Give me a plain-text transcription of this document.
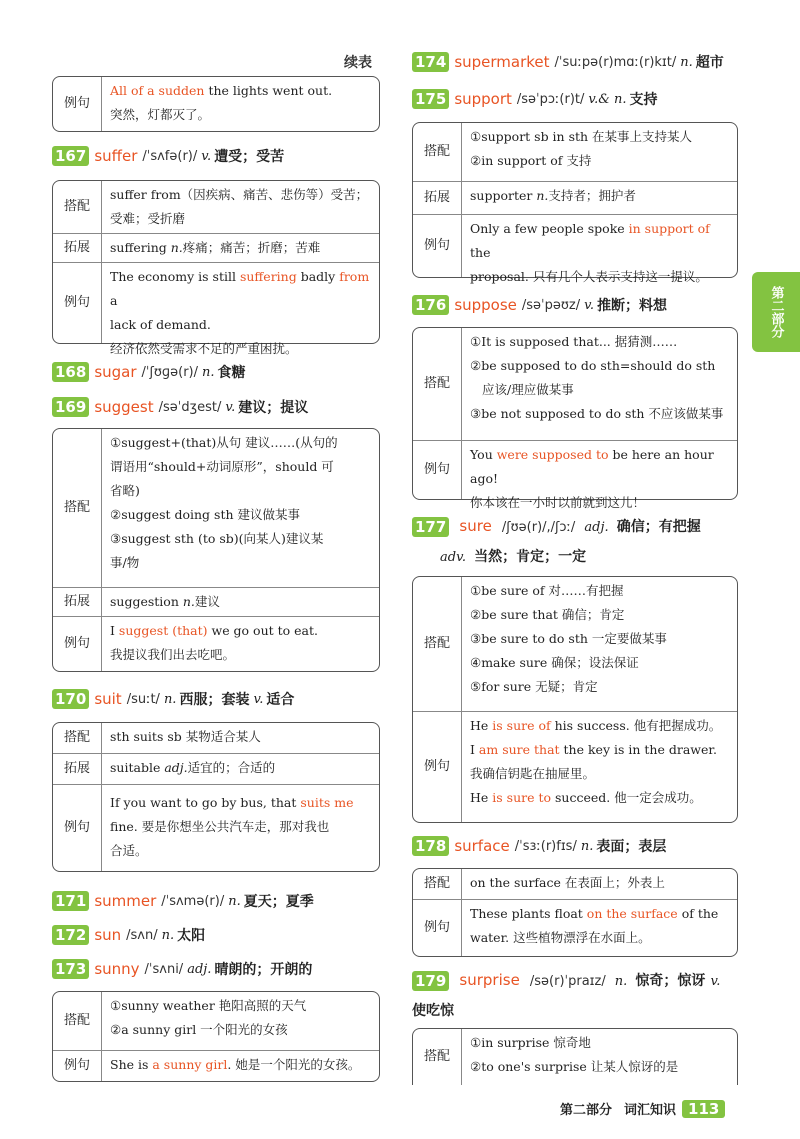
续表
例句
All of a sudden the lights went out.
突然，灯都灭了。
167 suffer /ˈsʌfə(r)/ v. 遭受；受苦
搭配
suffer from（因疾病、痛苦、悲伤等）受苦；
受难；受折磨
拓展	suffering n.疼痛；痛苦；折磨；苦难
例句
The economy is still suffering badly from a
lack of demand.
经济依然受需求不足的严重困扰。
168 sugar /ˈʃʊɡə(r)/ n. 食糖
169 suggest /səˈdʒest/ v. 建议；提议
搭配
①suggest+(that)从句 建议……(从句的
谓语用“should+动词原形”，should 可
省略)
②suggest doing sth 建议做某事
③suggest sth (to sb)(向某人)建议某
事/物
拓展	suggestion n.建议
例句
I suggest (that) we go out to eat.
我提议我们出去吃吧。
170 suit /suːt/ n. 西服；套装 v. 适合
搭配	sth suits sb 某物适合某人
拓展	suitable adj.适宜的；合适的
例句
If you want to go by bus, that suits me
fine. 要是你想坐公共汽车走，那对我也
合适。
171 summer /ˈsʌmə(r)/ n. 夏天；夏季
172 sun /sʌn/ n. 太阳
173 sunny /ˈsʌni/ adj. 晴朗的；开朗的
搭配
①sunny weather 艳阳高照的天气
②a sunny girl 一个阳光的女孩
例句	She is a sunny girl. 她是一个阳光的女孩。
174 supermarket /ˈsuːpə(r)mɑː(r)kɪt/ n. 超市
175 support /səˈpɔː(r)t/ v.& n. 支持
搭配
①support sb in sth 在某事上支持某人
②in support of 支持
拓展	supporter n.支持者；拥护者
例句
Only a few people spoke in support of the
proposal. 只有几个人表示支持这一提议。
176 suppose /səˈpəʊz/ v. 推断；料想
搭配
①It is supposed that... 据猜测……
②be supposed to do sth=should do sth
应该/理应做某事
③be not supposed to do sth 不应该做某事
例句
You were supposed to be here an hour ago!
你本该在一小时以前就到这儿！
177 sure /ʃʊə(r)/,/ʃɔː/ adj. 确信；有把握
adv. 当然；肯定；一定
搭配
①be sure of 对……有把握
②be sure that 确信；肯定
③be sure to do sth 一定要做某事
④make sure 确保；设法保证
⑤for sure 无疑；肯定
例句
He is sure of his success. 他有把握成功。
I am sure that the key is in the drawer.
我确信钥匙在抽屉里。
He is sure to succeed. 他一定会成功。
178 surface /ˈsɜː(r)fɪs/ n. 表面；表层
搭配	on the surface 在表面上；外表上
例句
These plants float on the surface of the
water. 这些植物漂浮在水面上。
179 surprise /sə(r)ˈpraɪz/ n. 惊奇；惊讶 v. 使吃惊
搭配
①in surprise 惊奇地
②to one's surprise 让某人惊讶的是
第二部分
第二部分 词汇知识 113
